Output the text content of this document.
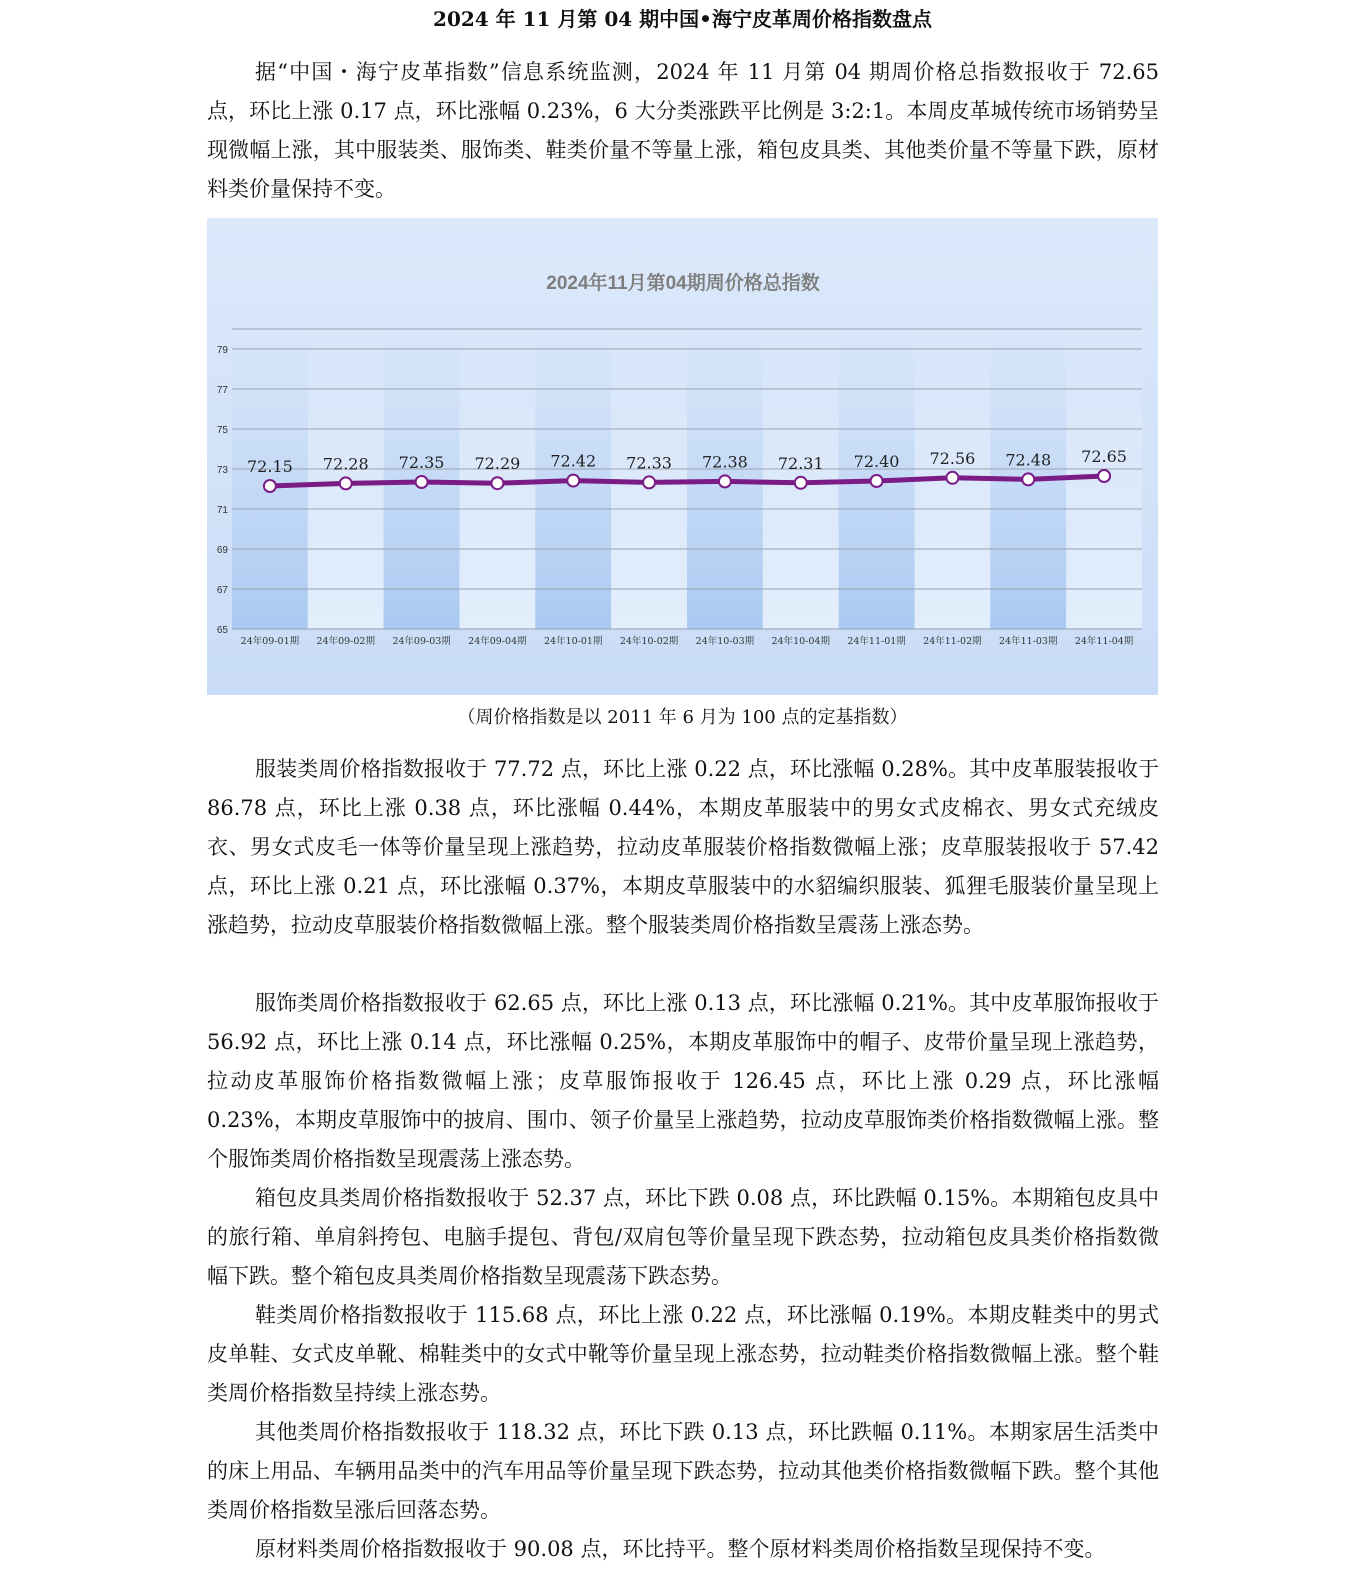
2024 年 11 月第 04 期中国•海宁皮革周价格指数盘点

据“中国・海宁皮革指数”信息系统监测，2024 年 11 月第 04 期周价格总指数报收于 72.65 点，环比上涨 0.17 点，环比涨幅 0.23%，6 大分类涨跌平比例是 3:2:1。本周皮革城传统市场销势呈现微幅上涨，其中服装类、服饰类、鞋类价量不等量上涨，箱包皮具类、其他类价量不等量下跌，原材料类价量保持不变。

2024年11月第04期周价格总指数
65
67
69
71
73
75
77
79
24年09-01期 24年09-02期 24年09-03期 24年09-04期 24年10-01期 24年10-02期 24年10-03期 24年10-04期 24年11-01期 24年11-02期 24年11-03期 24年11-04期
72.15 72.28 72.35 72.29 72.42 72.33 72.38 72.31 72.40 72.56 72.48 72.65
（周价格指数是以 2011 年 6 月为 100 点的定基指数）

服装类周价格指数报收于 77.72 点，环比上涨 0.22 点，环比涨幅 0.28%。其中皮革服装报收于 86.78 点，环比上涨 0.38 点，环比涨幅 0.44%，本期皮革服装中的男女式皮棉衣、男女式充绒皮衣、男女式皮毛一体等价量呈现上涨趋势，拉动皮革服装价格指数微幅上涨；皮草服装报收于 57.42 点，环比上涨 0.21 点，环比涨幅 0.37%，本期皮草服装中的水貂编织服装、狐狸毛服装价量呈现上涨趋势，拉动皮草服装价格指数微幅上涨。整个服装类周价格指数呈震荡上涨态势。

服饰类周价格指数报收于 62.65 点，环比上涨 0.13 点，环比涨幅 0.21%。其中皮革服饰报收于 56.92 点，环比上涨 0.14 点，环比涨幅 0.25%，本期皮革服饰中的帽子、皮带价量呈现上涨趋势，拉动皮革服饰价格指数微幅上涨；皮草服饰报收于 126.45 点，环比上涨 0.29 点，环比涨幅 0.23%，本期皮草服饰中的披肩、围巾、领子价量呈上涨趋势，拉动皮草服饰类价格指数微幅上涨。整个服饰类周价格指数呈现震荡上涨态势。

箱包皮具类周价格指数报收于 52.37 点，环比下跌 0.08 点，环比跌幅 0.15%。本期箱包皮具中的旅行箱、单肩斜挎包、电脑手提包、背包/双肩包等价量呈现下跌态势，拉动箱包皮具类价格指数微幅下跌。整个箱包皮具类周价格指数呈现震荡下跌态势。

鞋类周价格指数报收于 115.68 点，环比上涨 0.22 点，环比涨幅 0.19%。本期皮鞋类中的男式皮单鞋、女式皮单靴、棉鞋类中的女式中靴等价量呈现上涨态势，拉动鞋类价格指数微幅上涨。整个鞋类周价格指数呈持续上涨态势。

其他类周价格指数报收于 118.32 点，环比下跌 0.13 点，环比跌幅 0.11%。本期家居生活类中的床上用品、车辆用品类中的汽车用品等价量呈现下跌态势，拉动其他类价格指数微幅下跌。整个其他类周价格指数呈涨后回落态势。

原材料类周价格指数报收于 90.08 点，环比持平。整个原材料类周价格指数呈现保持不变。
